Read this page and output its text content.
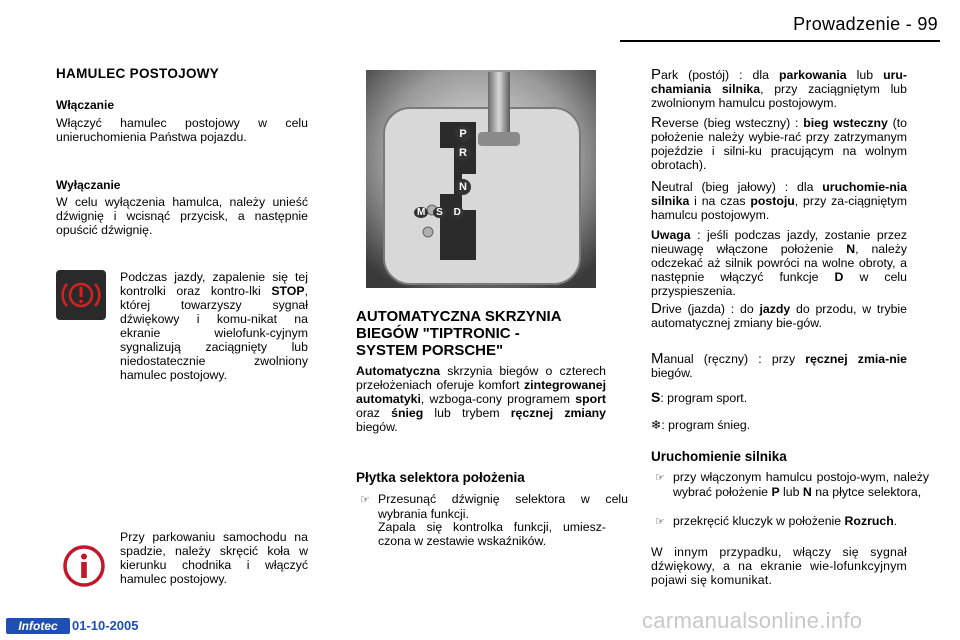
Prowadzenie - 99
HAMULEC POSTOJOWY
Włączanie
Włączyć hamulec postojowy w celu unieruchomienia Państwa pojazdu.
Wyłączanie
W celu wyłączenia hamulca, należy unieść dźwignię i wcisnąć przycisk, a następnie opuścić dźwignię.
Podczas jazdy, zapalenie się tej kontrolki oraz kontro-lki STOP, której towarzyszy sygnał dźwiękowy i komu-nikat na ekranie wielofunk-cyjnym sygnalizują zaciągnięty lub niedostatecznie zwolniony hamulec postojowy.
Przy parkowaniu samochodu na spadzie, należy skręcić koła w kierunku chodnika i włączyć hamulec postojowy.
P
R
N
M S D
AUTOMATYCZNA SKRZYNIA
BIEGÓW "TIPTRONIC -
SYSTEM PORSCHE"
Automatyczna skrzynia biegów o czterech przełożeniach oferuje komfort zintegrowanej automatyki, wzboga-cony programem sport oraz śnieg lub trybem ręcznej zmiany biegów.
Płytka selektora położenia
☞ Przesunąć dźwignię selektora w celu wybrania funkcji.
Zapala się kontrolka funkcji, umiesz-czona w zestawie wskaźników.
Park (postój) : dla parkowania lub uru-chamiania silnika, przy zaciągniętym lub zwolnionym hamulcu postojowym.
Reverse (bieg wsteczny) : bieg wsteczny (to położenie należy wybie-rać przy zatrzymanym pojeździe i silni-ku pracującym na wolnym obrotach).
Neutral (bieg jałowy) : dla uruchomie-nia silnika i na czas postoju, przy za-ciągniętym hamulcu postojowym.
Uwaga : jeśli podczas jazdy, zostanie przez nieuwagę włączone położenie N, należy odczekać aż silnik powróci na wolne obroty, a następnie włączyć funkcje D w celu przyspieszenia.
Drive (jazda) : do jazdy do przodu, w trybie automatycznej zmiany bie-gów.
Manual (ręczny) : przy ręcznej zmia-nie biegów.
S: program sport.
❄: program śnieg.
Uruchomienie silnika
☞ przy włączonym hamulcu postojo-wym, należy wybrać położenie P lub N na płytce selektora,
☞ przekręcić kluczyk w położenie Rozruch.
W innym przypadku, włączy się sygnał dźwiękowy, a na ekranie wie-lofunkcyjnym pojawi się komunikat.
Infotec	01-10-2005	carmanualsonline.info
